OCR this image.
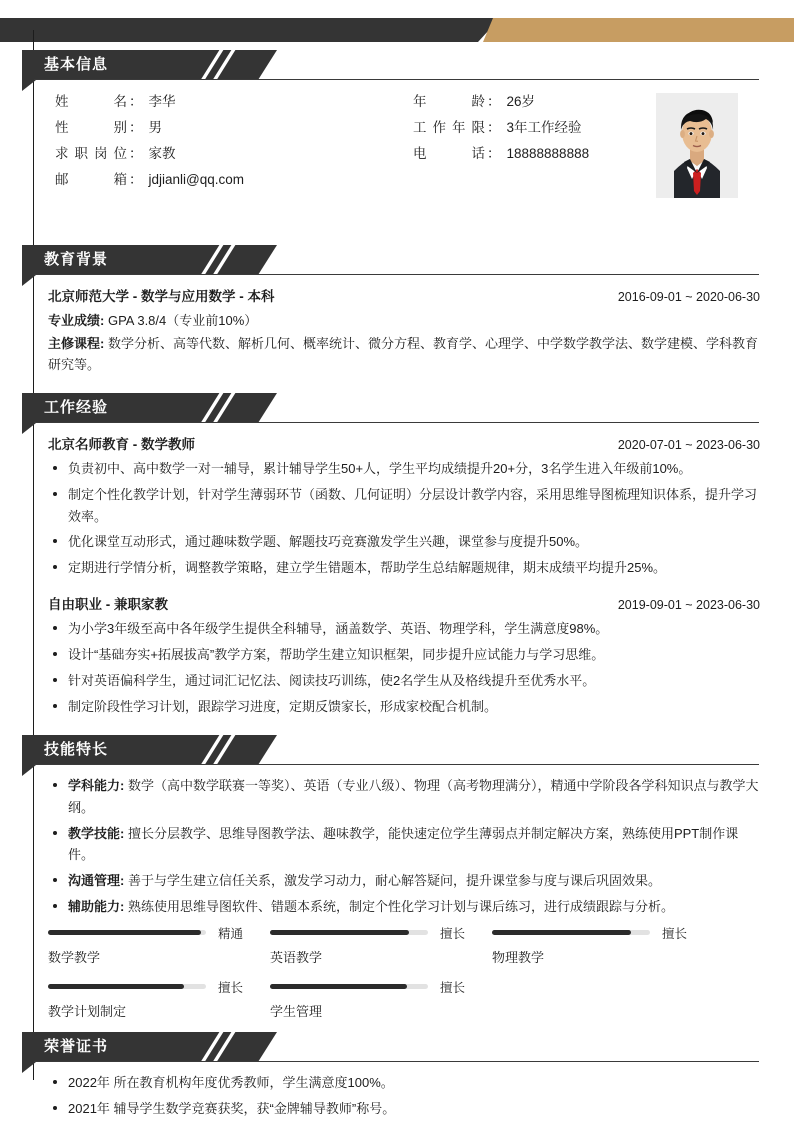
基本信息
姓名 ： 李华
性别 ： 男
求职岗位 ： 家教
邮箱 ： jdjianli@qq.com
年龄 ： 26岁
工作年限 ： 3年工作经验
电话 ： 18888888888
教育背景
北京师范大学 - 数学与应用数学 - 本科	2016-09-01 ~ 2020-06-30
专业成绩: GPA 3.8/4（专业前10%）
主修课程: 数学分析、高等代数、解析几何、概率统计、微分方程、教育学、心理学、中学数学教学法、数学建模、学科教育研究等。
工作经验
北京名师教育 - 数学教师	2020-07-01 ~ 2023-06-30
负责初中、高中数学一对一辅导，累计辅导学生50+人，学生平均成绩提升20+分，3名学生进入年级前10%。
制定个性化教学计划，针对学生薄弱环节（函数、几何证明）分层设计教学内容，采用思维导图梳理知识体系，提升学习效率。
优化课堂互动形式，通过趣味数学题、解题技巧竞赛激发学生兴趣，课堂参与度提升50%。
定期进行学情分析，调整教学策略，建立学生错题本，帮助学生总结解题规律，期末成绩平均提升25%。
自由职业 - 兼职家教	2019-09-01 ~ 2023-06-30
为小学3年级至高中各年级学生提供全科辅导，涵盖数学、英语、物理学科，学生满意度98%。
设计“基础夯实+拓展拔高”教学方案，帮助学生建立知识框架，同步提升应试能力与学习思维。
针对英语偏科学生，通过词汇记忆法、阅读技巧训练，使2名学生从及格线提升至优秀水平。
制定阶段性学习计划，跟踪学习进度，定期反馈家长，形成家校配合机制。
技能特长
学科能力: 数学（高中数学联赛一等奖）、英语（专业八级）、物理（高考物理满分），精通中学阶段各学科知识点与教学大纲。
教学技能: 擅长分层教学、思维导图教学法、趣味教学，能快速定位学生薄弱点并制定解决方案，熟练使用PPT制作课件。
沟通管理: 善于与学生建立信任关系，激发学习动力，耐心解答疑问，提升课堂参与度与课后巩固效果。
辅助能力: 熟练使用思维导图软件、错题本系统，制定个性化学习计划与课后练习，进行成绩跟踪与分析。
精通
数学教学
擅长
英语教学
擅长
物理教学
擅长
教学计划制定
擅长
学生管理
荣誉证书
2022年 所在教育机构年度优秀教师，学生满意度100%。
2021年 辅导学生数学竞赛获奖，获“金牌辅导教师”称号。
